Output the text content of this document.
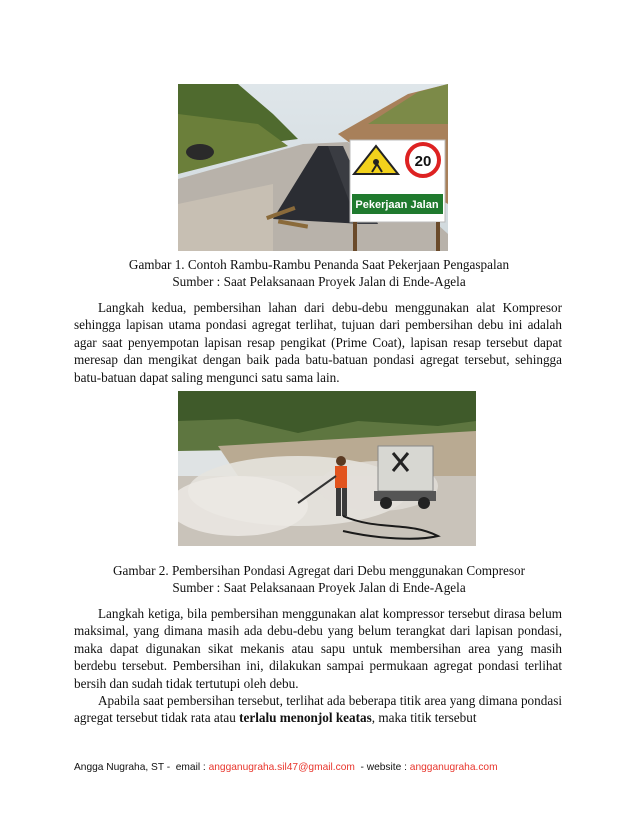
20
Pekerjaan Jalan
Gambar 1. Contoh Rambu-Rambu Penanda Saat Pekerjaan Pengaspalan
Sumber : Saat Pelaksanaan Proyek Jalan di Ende-Agela

Langkah kedua, pembersihan lahan dari debu-debu menggunakan alat Kompresor sehingga lapisan utama pondasi agregat terlihat, tujuan dari pembersihan debu ini adalah agar saat penyempotan lapisan resap pengikat (Prime Coat), lapisan resap tersebut dapat meresap dan mengikat dengan baik pada batu-batuan pondasi agregat tersebut, sehingga batu-batuan dapat saling mengunci satu sama lain.

Gambar 2. Pembersihan Pondasi Agregat dari Debu menggunakan Compresor
Sumber : Saat Pelaksanaan Proyek Jalan di Ende-Agela

Langkah ketiga, bila pembersihan menggunakan alat kompressor tersebut dirasa belum maksimal, yang dimana masih ada debu-debu yang belum terangkat dari lapisan pondasi, maka dapat digunakan sikat mekanis atau sapu untuk membersihan area yang masih berdebu tersebut. Pembersihan ini, dilakukan sampai permukaan agregat pondasi terlihat bersih dan sudah tidak tertutupi oleh debu.

Apabila saat pembersihan tersebut, terlihat ada beberapa titik area yang dimana pondasi agregat tersebut tidak rata atau terlalu menonjol keatas, maka titik tersebut

Angga Nugraha, ST -  email : angganugraha.sil47@gmail.com  - website : angganugraha.com
